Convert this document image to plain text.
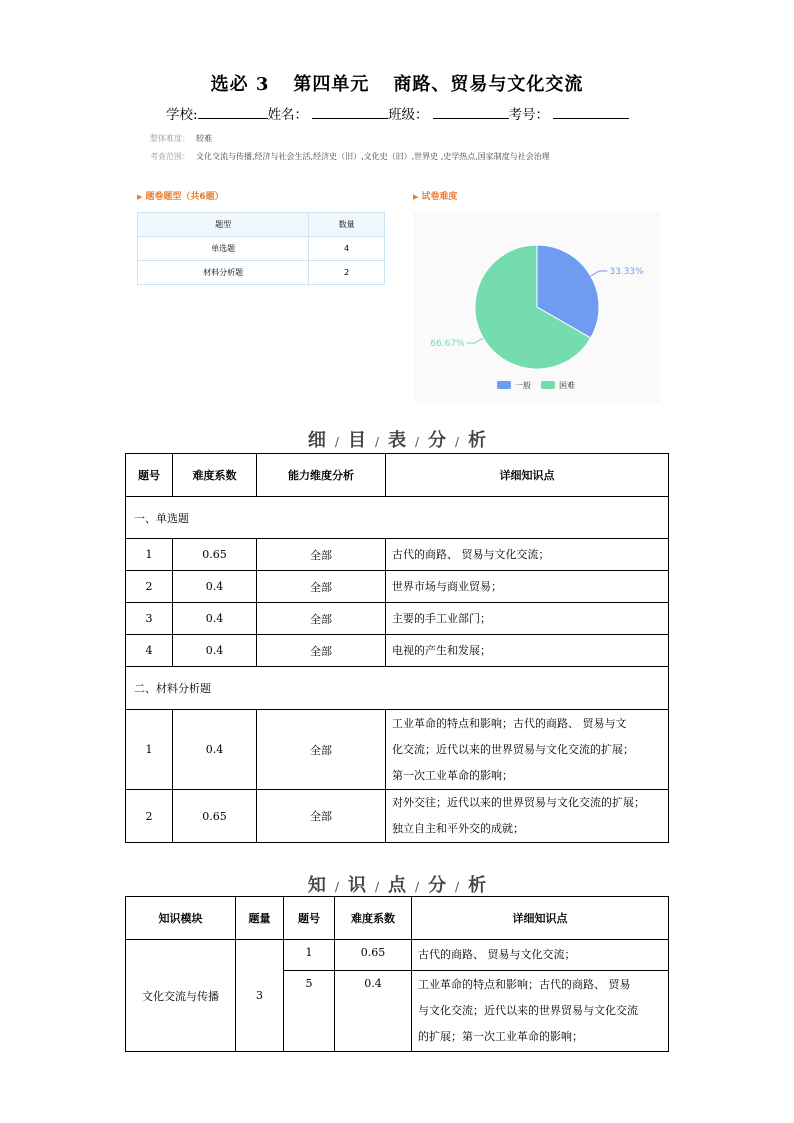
选必 3 第四单元 商路、贸易与文化交流
学校:	姓名：	班级：	考号：
整体难度： 较难
考查范围： 文化交流与传播,经济与社会生活,经济史（旧）,文化史（旧）,世界史 ,史学热点,国家制度与社会治理
▶ 题卷题型（共6题）
题型	数量
单选题	4
材料分析题	2
▶ 试卷难度
33.33%
66.67%
一般	困难
细 / 目 / 表 / 分 / 析
题号	难度系数	能力维度分析	详细知识点
一、单选题			
1	0.65	全部	古代的商路、 贸易与文化交流；
2	0.4	全部	世界市场与商业贸易；
3	0.4	全部	主要的手工业部门；
4	0.4	全部	电视的产生和发展；
二、材料分析题			
1	0.4	全部	工业革命的特点和影响；古代的商路、 贸易与文
化交流；近代以来的世界贸易与文化交流的扩展；
第一次工业革命的影响；

2	0.65	全部	对外交往；近代以来的世界贸易与文化交流的扩展；
独立自主和平外交的成就；
知 / 识 / 点 / 分 / 析
知识模块	题量	题号	难度系数	详细知识点
文化交流与传播	3	1	0.65	古代的商路、 贸易与文化交流；
		5	0.4	工业革命的特点和影响；古代的商路、 贸易
与文化交流；近代以来的世界贸易与文化交流
的扩展；第一次工业革命的影响；
